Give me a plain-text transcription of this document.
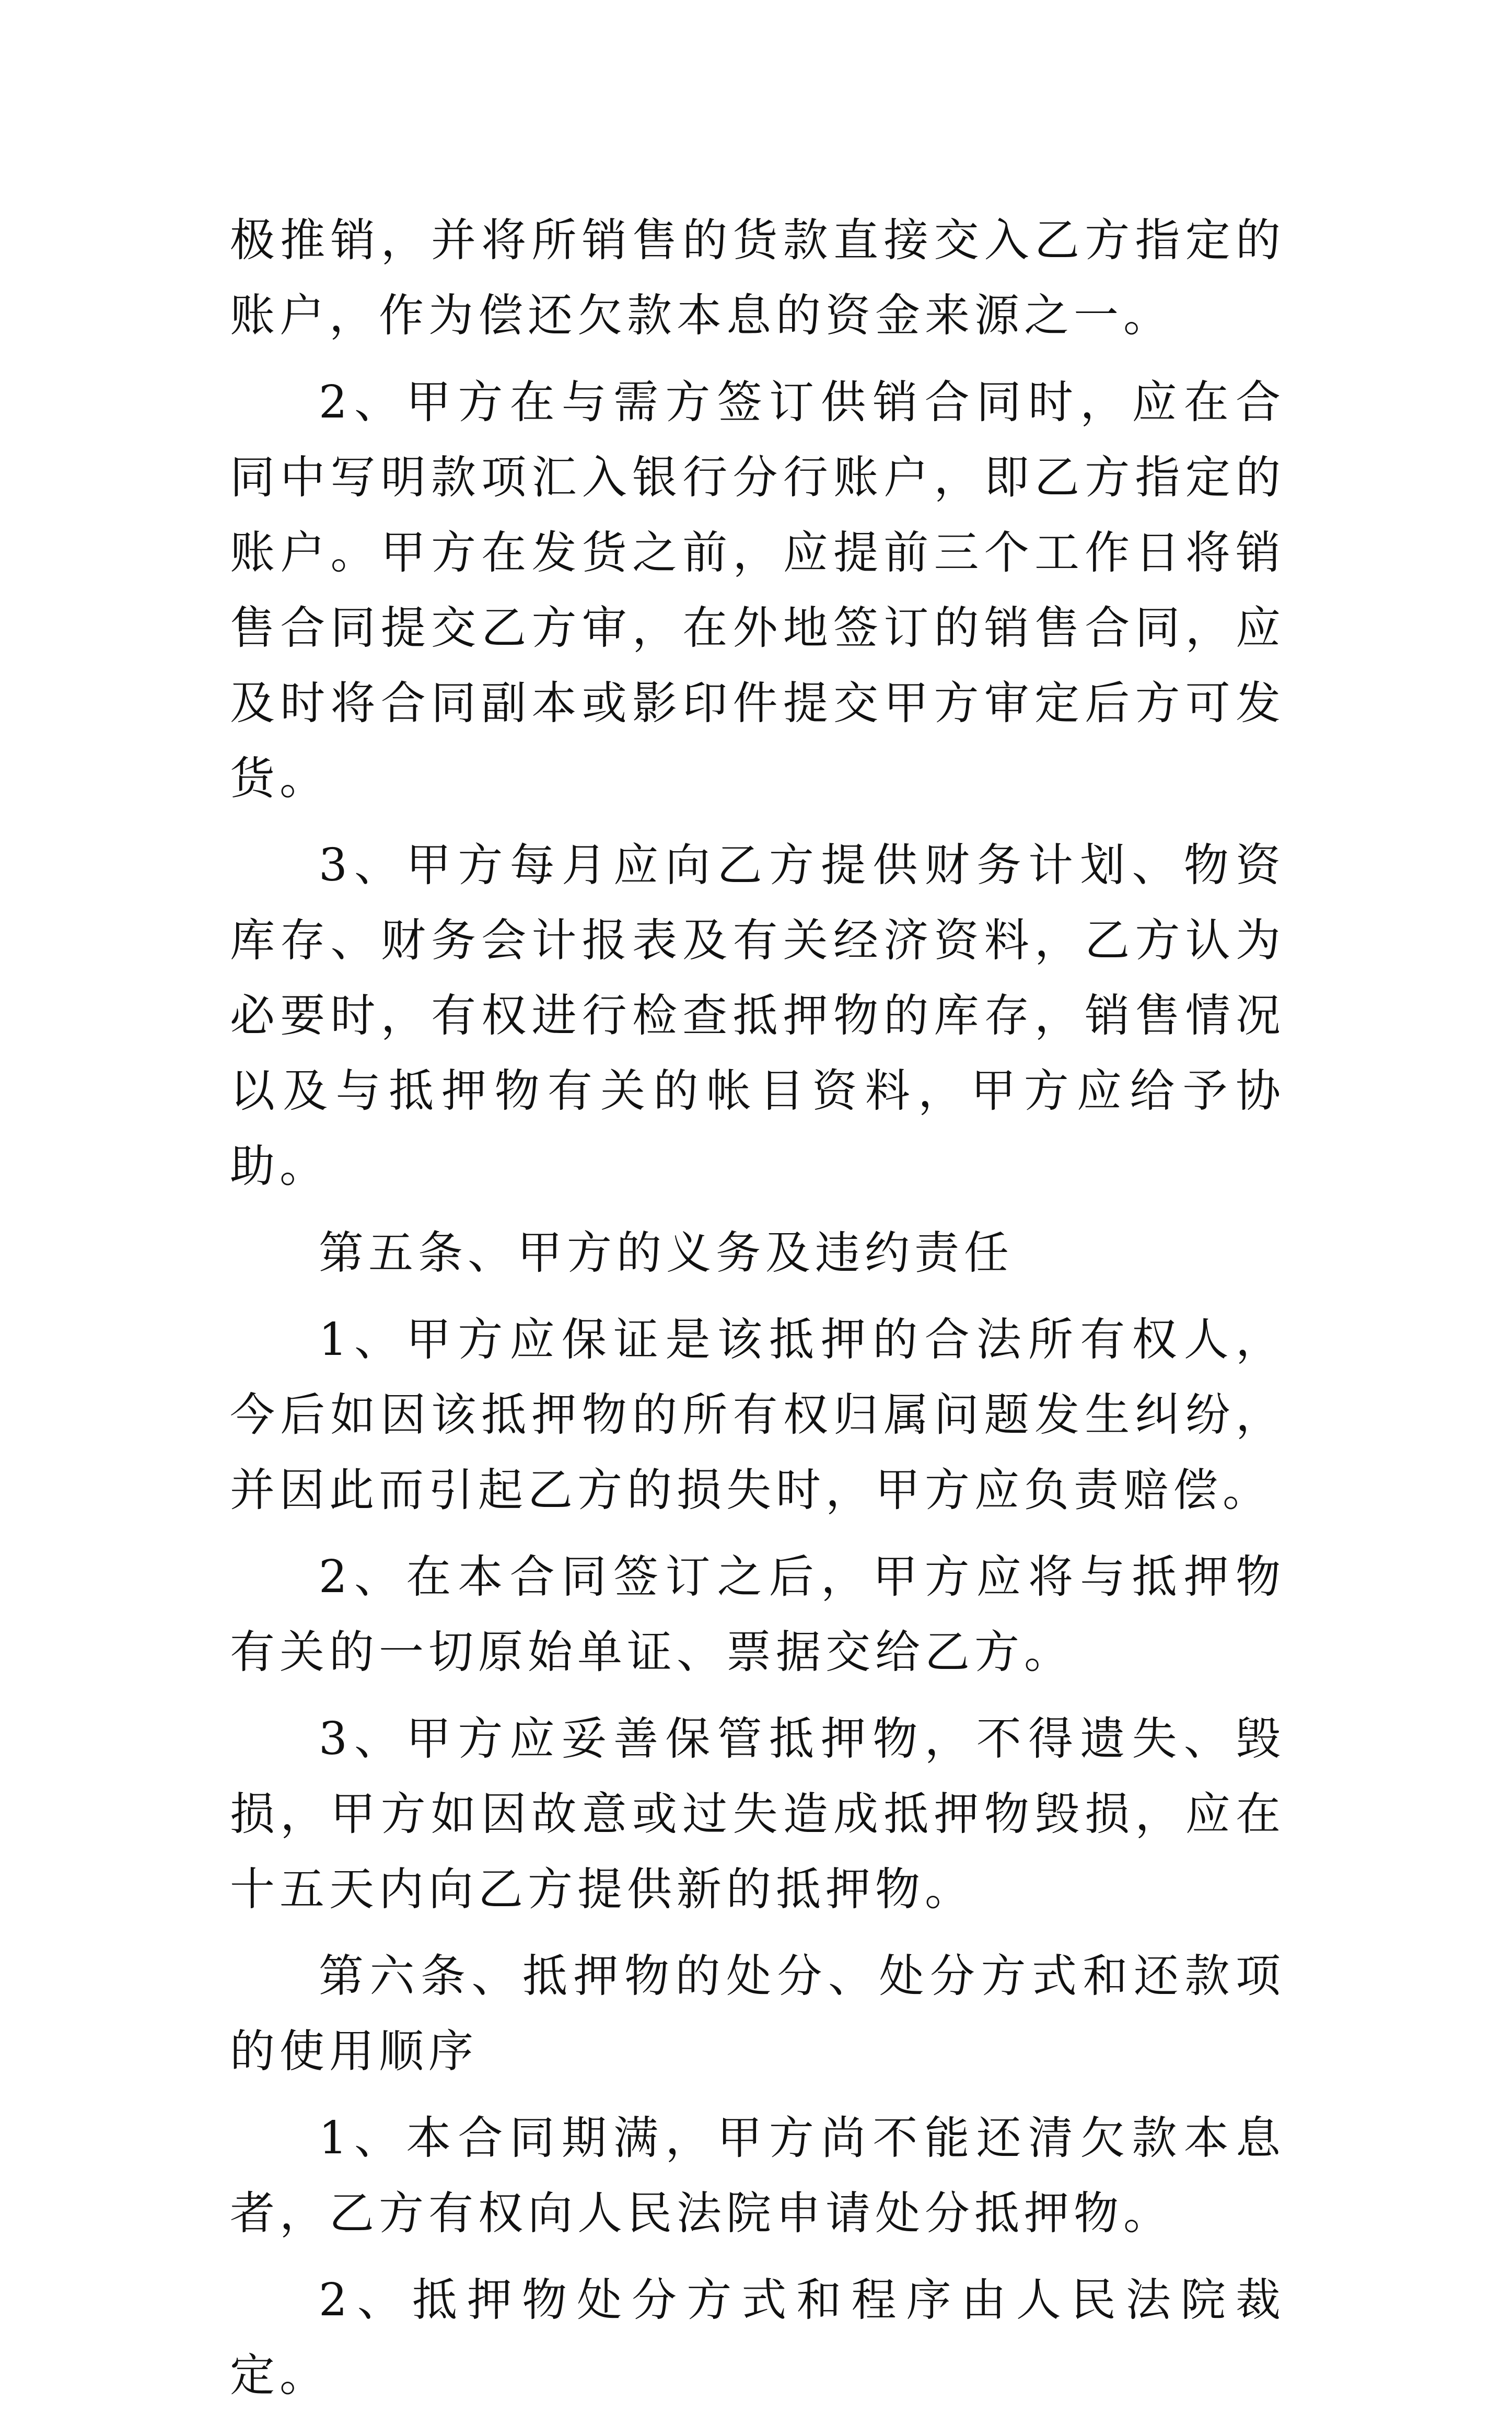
极推销，并将所销售的货款直接交入乙方指定的账户，作为偿还欠款本息的资金来源之一。

2、甲方在与需方签订供销合同时，应在合同中写明款项汇入银行分行账户，即乙方指定的账户。甲方在发货之前，应提前三个工作日将销售合同提交乙方审，在外地签订的销售合同，应及时将合同副本或影印件提交甲方审定后方可发货。

3、甲方每月应向乙方提供财务计划、物资库存、财务会计报表及有关经济资料，乙方认为必要时，有权进行检查抵押物的库存，销售情况以及与抵押物有关的帐目资料，甲方应给予协助。

第五条、甲方的义务及违约责任

1、甲方应保证是该抵押的合法所有权人，今后如因该抵押物的所有权归属问题发生纠纷，并因此而引起乙方的损失时，甲方应负责赔偿。

2、在本合同签订之后，甲方应将与抵押物有关的一切原始单证、票据交给乙方。

3、甲方应妥善保管抵押物，不得遗失、毁损，甲方如因故意或过失造成抵押物毁损，应在十五天内向乙方提供新的抵押物。

第六条、抵押物的处分、处分方式和还款项的使用顺序

1、本合同期满，甲方尚不能还清欠款本息者，乙方有权向人民法院申请处分抵押物。

2、抵押物处分方式和程序由人民法院裁定。
